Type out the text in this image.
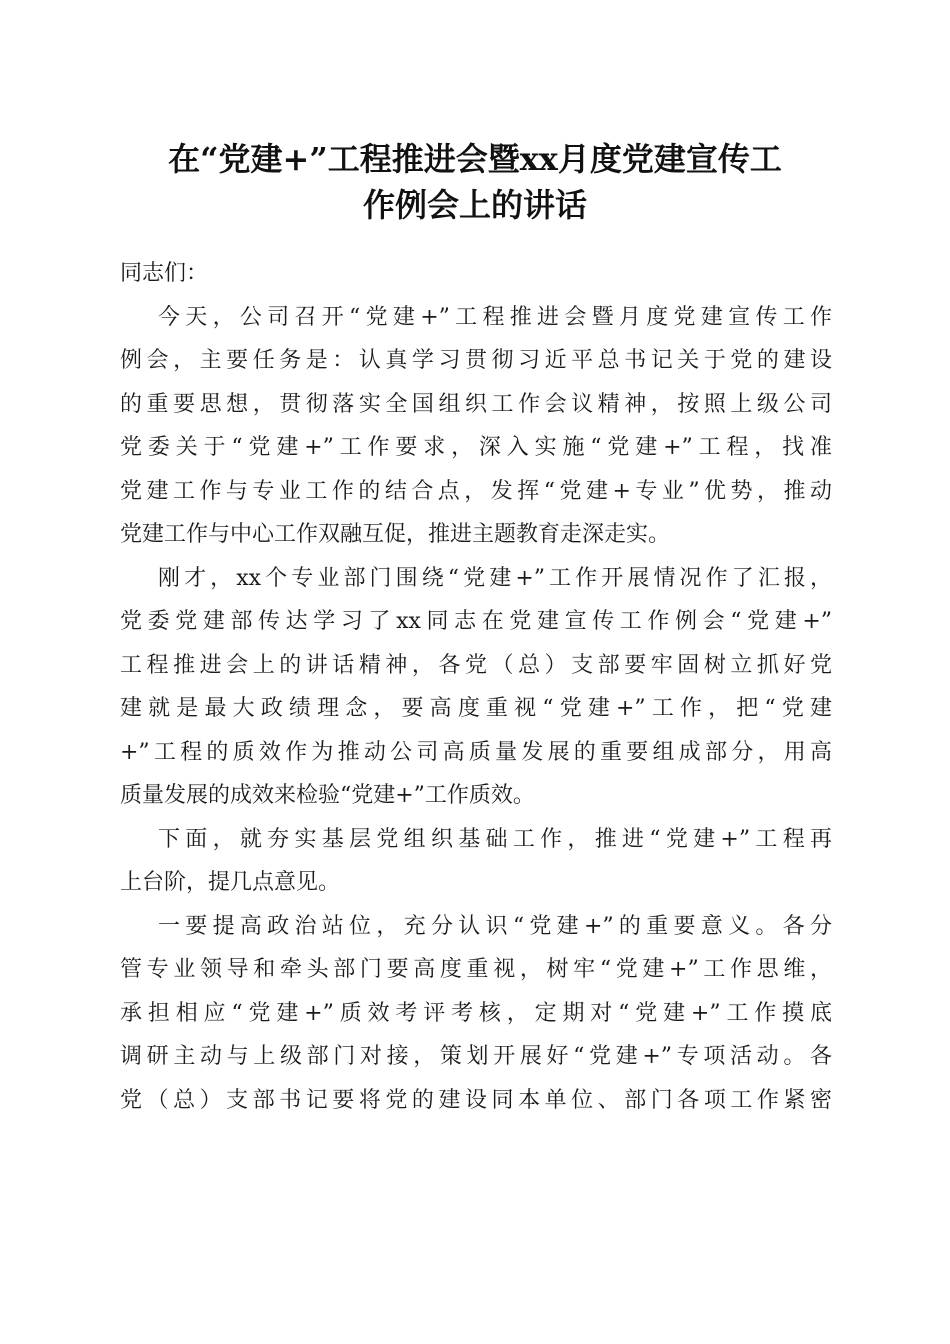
在“党建+”工程推进会暨xx月度党建宣传工
作例会上的讲话

同志们：

今天，公司召开“党建+”工程推进会暨月度党建宣传工作
例会，主要任务是：认真学习贯彻习近平总书记关于党的建设
的重要思想，贯彻落实全国组织工作会议精神，按照上级公司
党委关于“党建+”工作要求，深入实施“党建+”工程，找准
党建工作与专业工作的结合点，发挥“党建+专业”优势，推动
党建工作与中心工作双融互促，推进主题教育走深走实。

刚才，xx个专业部门围绕“党建+”工作开展情况作了汇报，
党委党建部传达学习了xx同志在党建宣传工作例会“党建+”
工程推进会上的讲话精神，各党（总）支部要牢固树立抓好党
建就是最大政绩理念，要高度重视“党建+”工作，把“党建
+”工程的质效作为推动公司高质量发展的重要组成部分，用高
质量发展的成效来检验“党建+”工作质效。

下面，就夯实基层党组织基础工作，推进“党建+”工程再
上台阶，提几点意见。

一要提高政治站位，充分认识“党建+”的重要意义。各分
管专业领导和牵头部门要高度重视，树牢“党建+”工作思维，
承担相应“党建+”质效考评考核，定期对“党建+”工作摸底
调研主动与上级部门对接，策划开展好“党建+”专项活动。各
党（总）支部书记要将党的建设同本单位、部门各项工作紧密
